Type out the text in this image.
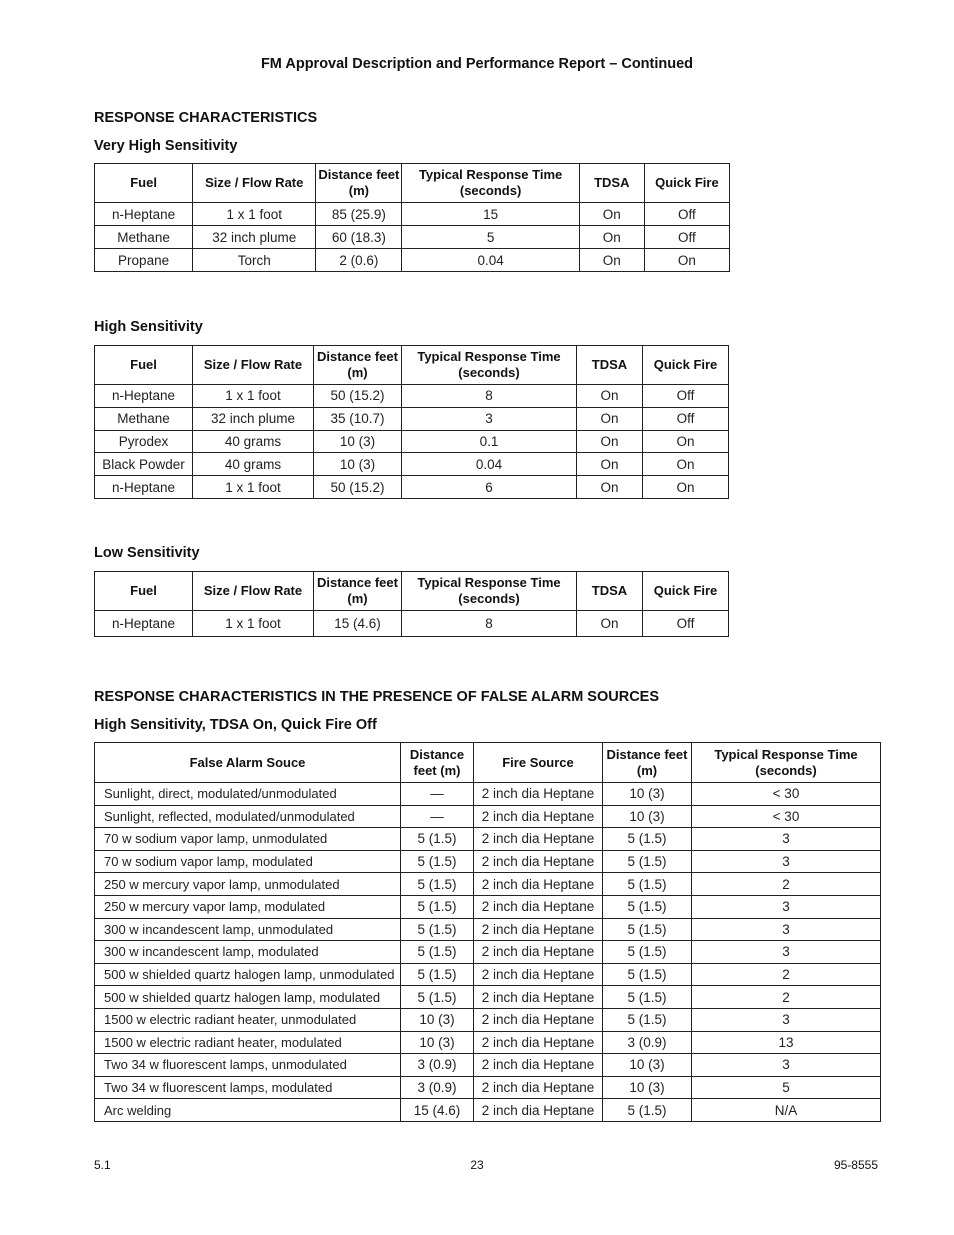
FM Approval Description and Performance Report – Continued
RESPONSE CHARACTERISTICS
Very High Sensitivity
Fuel	Size / Flow Rate	Distance feet (m)	Typical Response Time (seconds)	TDSA	Quick Fire
n-Heptane	1 x 1 foot	85 (25.9)	15	On	Off
Methane	32 inch plume	60 (18.3)	5	On	Off
Propane	Torch	2 (0.6)	0.04	On	On
High Sensitivity
Fuel	Size / Flow Rate	Distance feet (m)	Typical Response Time (seconds)	TDSA	Quick Fire
n-Heptane	1 x 1 foot	50 (15.2)	8	On	Off
Methane	32 inch plume	35 (10.7)	3	On	Off
Pyrodex	40 grams	10 (3)	0.1	On	On
Black Powder	40 grams	10 (3)	0.04	On	On
n-Heptane	1 x 1 foot	50 (15.2)	6	On	On
Low Sensitivity
Fuel	Size / Flow Rate	Distance feet (m)	Typical Response Time (seconds)	TDSA	Quick Fire
n-Heptane	1 x 1 foot	15 (4.6)	8	On	Off
RESPONSE CHARACTERISTICS IN THE PRESENCE OF FALSE ALARM SOURCES
High Sensitivity, TDSA On, Quick Fire Off
False Alarm Souce	Distance feet (m)	Fire Source	Distance feet (m)	Typical Response Time (seconds)
Sunlight, direct, modulated/unmodulated	—	2 inch dia Heptane	10 (3)	< 30
Sunlight, reflected, modulated/unmodulated	—	2 inch dia Heptane	10 (3)	< 30
70 w sodium vapor lamp, unmodulated	5 (1.5)	2 inch dia Heptane	5 (1.5)	3
70 w sodium vapor lamp, modulated	5 (1.5)	2 inch dia Heptane	5 (1.5)	3
250 w mercury vapor lamp, unmodulated	5 (1.5)	2 inch dia Heptane	5 (1.5)	2
250 w mercury vapor lamp, modulated	5 (1.5)	2 inch dia Heptane	5 (1.5)	3
300 w incandescent lamp, unmodulated	5 (1.5)	2 inch dia Heptane	5 (1.5)	3
300 w incandescent lamp, modulated	5 (1.5)	2 inch dia Heptane	5 (1.5)	3
500 w shielded quartz halogen lamp, unmodulated	5 (1.5)	2 inch dia Heptane	5 (1.5)	2
500 w shielded quartz halogen lamp, modulated	5 (1.5)	2 inch dia Heptane	5 (1.5)	2
1500 w electric radiant heater, unmodulated	10 (3)	2 inch dia Heptane	5 (1.5)	3
1500 w electric radiant heater, modulated	10 (3)	2 inch dia Heptane	3 (0.9)	13
Two 34 w fluorescent lamps, unmodulated	3 (0.9)	2 inch dia Heptane	10 (3)	3
Two 34 w fluorescent lamps, modulated	3 (0.9)	2 inch dia Heptane	10 (3)	5
Arc welding	15 (4.6)	2 inch dia Heptane	5 (1.5)	N/A
5.1	23	95-8555
